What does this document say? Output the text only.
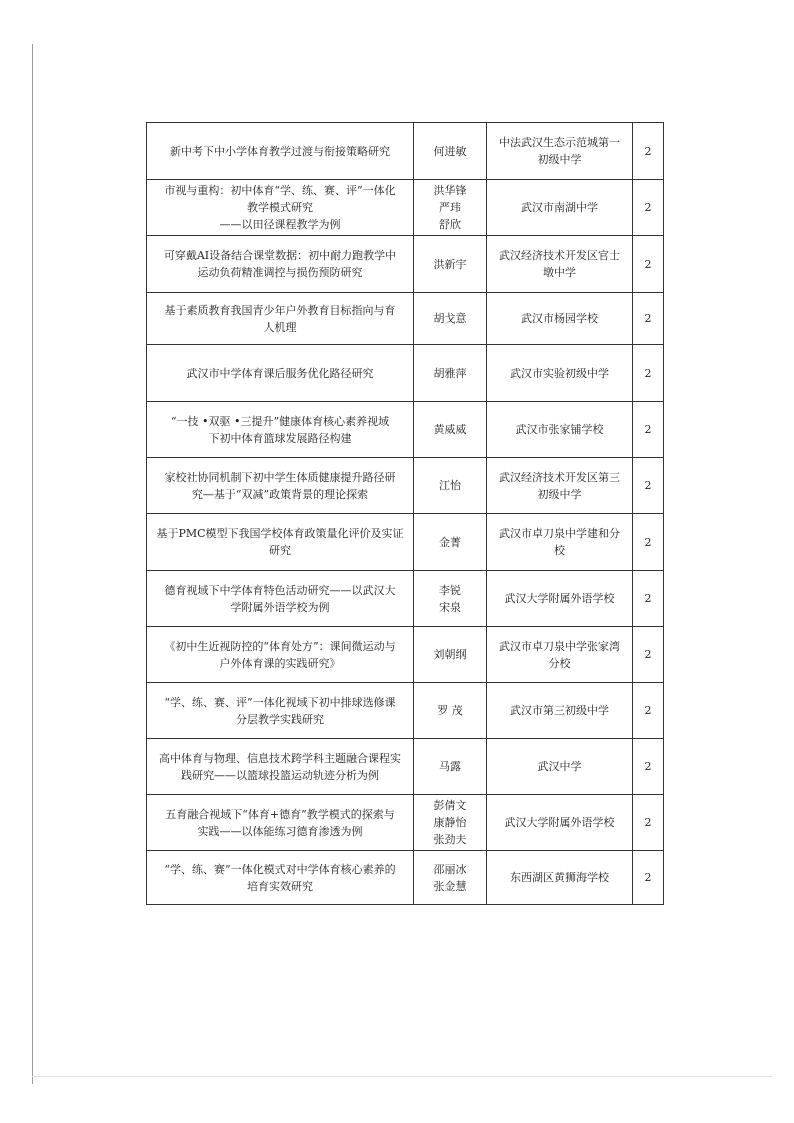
新中考下中小学体育教学过渡与衔接策略研究	何进敏	中法武汉生态示范城第一
初级中学	2

市视与重构：初中体育“学、练、赛、评”一体化
教学模式研究
——以田径课程教学为例	洪华锋
严玮
舒欣	武汉市南湖中学	2

可穿戴AI设备结合课堂数据：初中耐力跑教学中
运动负荷精准调控与损伤预防研究	洪新宇	武汉经济技术开发区官士
墩中学	2

基于素质教育我国青少年户外教育目标指向与育
人机理	胡戈意	武汉市杨园学校	2

武汉市中学体育课后服务优化路径研究	胡雅萍	武汉市实验初级中学	2

“一技 •双驱 •三提升”健康体育核心素养视域
下初中体育篮球发展路径构建	黄威威	武汉市张家铺学校	2

家校社协同机制下初中学生体质健康提升路径研
究—基于“双减”政策背景的理论探索	江怡	武汉经济技术开发区第三
初级中学	2

基于PMC模型下我国学校体育政策量化评价及实证
研究	金菁	武汉市卓刀泉中学建和分
校	2

德育视域下中学体育特色活动研究——以武汉大
学附属外语学校为例	李锐
宋泉	武汉大学附属外语学校	2

《初中生近视防控的“体育处方”：课间微运动与
户外体育课的实践研究》	刘朝纲	武汉市卓刀泉中学张家湾
分校	2

“学、练、赛、评”一体化视域下初中排球选修课
分层教学实践研究	罗 茂	武汉市第三初级中学	2

高中体育与物理、信息技术跨学科主题融合课程实
践研究——以篮球投篮运动轨迹分析为例	马露	武汉中学	2

五育融合视域下“体育+德育”教学模式的探索与
实践——以体能练习德育渗透为例	彭倩文
康静怡
张劲夫	武汉大学附属外语学校	2

“学、练、赛”一体化模式对中学体育核心素养的
培育实效研究	邵丽冰
张金慧	东西湖区黄狮海学校	2
